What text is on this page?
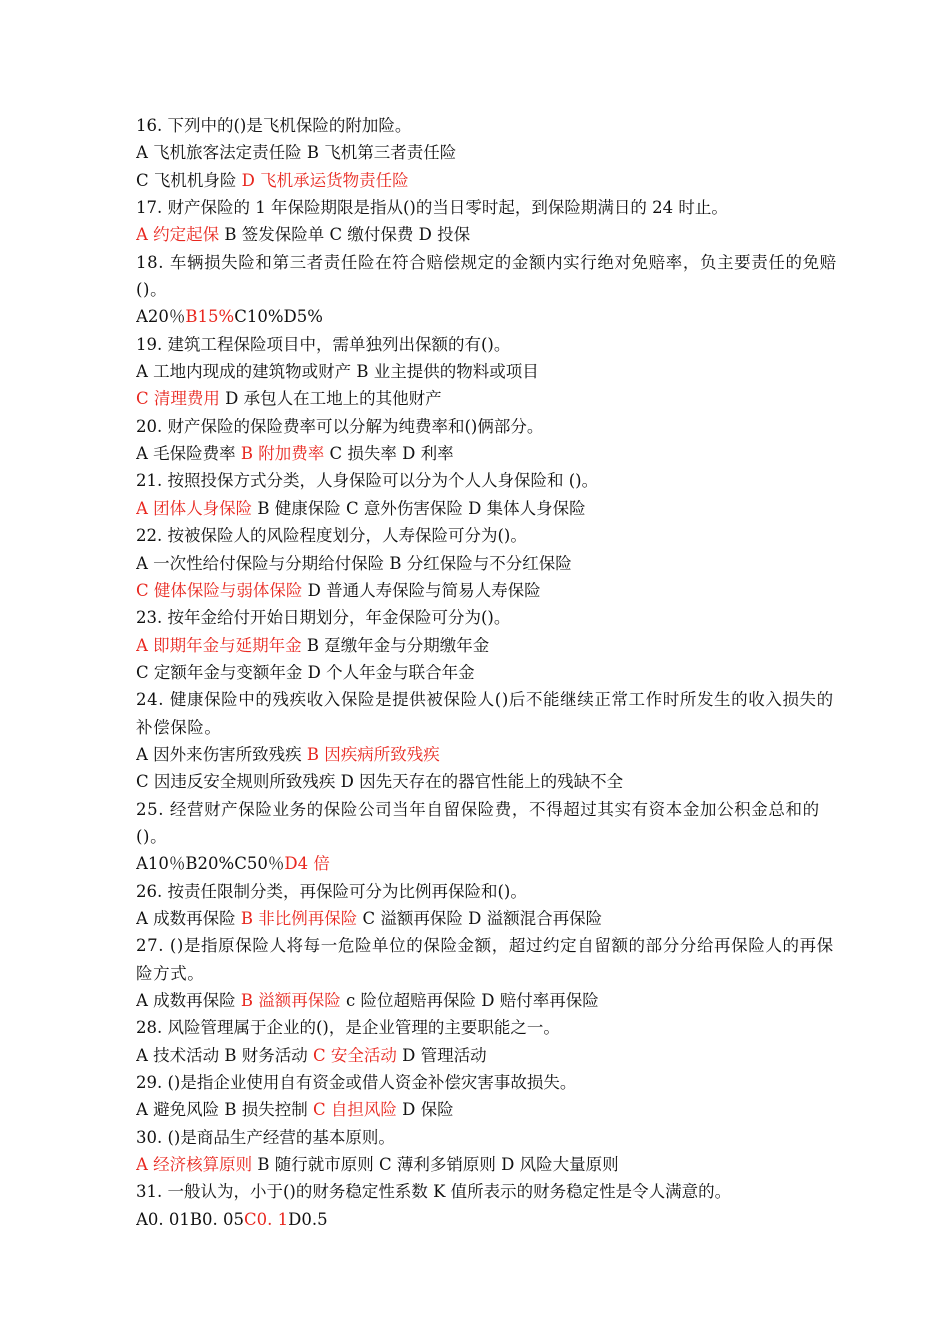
16. 下列中的()是飞机保险的附加险。
A 飞机旅客法定责任险 B 飞机第三者责任险
C 飞机机身险 D 飞机承运货物责任险
17. 财产保险的 1 年保险期限是指从()的当日零时起，到保险期满日的 24 时止。
A 约定起保 B 签发保险单 C 缴付保费 D 投保
18. 车辆损失险和第三者责任险在符合赔偿规定的金额内实行绝对免赔率，负主要责任的免赔()。
A20％B15%C10%D5%
19. 建筑工程保险项目中，需单独列出保额的有()。
A 工地内现成的建筑物或财产 B 业主提供的物料或项目
C 清理费用 D 承包人在工地上的其他财产
20. 财产保险的保险费率可以分解为纯费率和()俩部分。
A 毛保险费率 B 附加费率 C 损失率 D 利率
21. 按照投保方式分类，人身保险可以分为个人人身保险和 ()。
A 团体人身保险 B 健康保险 C 意外伤害保险 D 集体人身保险
22. 按被保险人的风险程度划分，人寿保险可分为()。
A 一次性给付保险与分期给付保险 B 分红保险与不分红保险
C 健体保险与弱体保险 D 普通人寿保险与简易人寿保险
23. 按年金给付开始日期划分，年金保险可分为()。
A 即期年金与延期年金 B 趸缴年金与分期缴年金
C 定额年金与变额年金 D 个人年金与联合年金
24. 健康保险中的残疾收入保险是提供被保险人()后不能继续正常工作时所发生的收入损失的补偿保险。
A 因外来伤害所致残疾 B 因疾病所致残疾
C 因违反安全规则所致残疾 D 因先天存在的器官性能上的残缺不全
25. 经营财产保险业务的保险公司当年自留保险费，不得超过其实有资本金加公积金总和的()。
A10％B20%C50％D4 倍
26. 按责任限制分类，再保险可分为比例再保险和()。
A 成数再保险 B 非比例再保险 C 溢额再保险 D 溢额混合再保险
27. ()是指原保险人将每一危险单位的保险金额，超过约定自留额的部分分给再保险人的再保险方式。
A 成数再保险 B 溢额再保险 c 险位超赔再保险 D 赔付率再保险
28. 风险管理属于企业的()，是企业管理的主要职能之一。
A 技术活动 B 财务活动 C 安全活动 D 管理活动
29. ()是指企业使用自有资金或借人资金补偿灾害事故损失。
A 避免风险 B 损失控制 C 自担风险 D 保险
30. ()是商品生产经营的基本原则。
A 经济核算原则 B 随行就市原则 C 薄利多销原则 D 风险大量原则
31. 一般认为，小于()的财务稳定性系数 K 值所表示的财务稳定性是令人满意的。
A0. 01B0. 05C0. 1D0.5
